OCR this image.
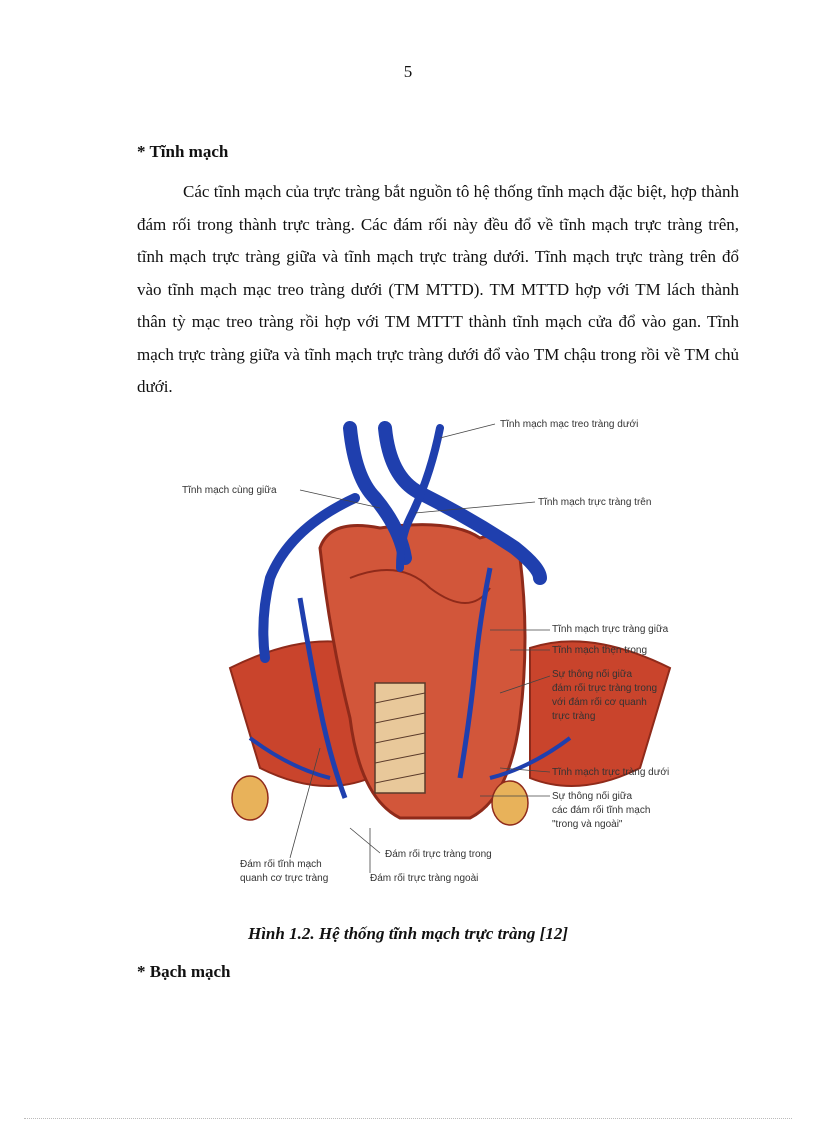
5
* Tĩnh mạch

Các tĩnh mạch của trực tràng bắt nguồn tô hệ thống tĩnh mạch đặc biệt, hợp thành đám rối trong thành trực tràng. Các đám rối này đều đổ về tĩnh mạch trực tràng trên, tĩnh mạch trực tràng giữa và tĩnh mạch trực tràng dưới. Tĩnh mạch trực tràng trên đổ vào tĩnh mạch mạc treo tràng dưới (TM MTTD). TM MTTD hợp với TM lách thành thân tỳ mạc treo tràng rồi hợp với TM MTTT thành tĩnh mạch cửa đổ vào gan. Tĩnh mạch trực tràng giữa và tĩnh mạch trực tràng dưới đổ vào TM chậu trong rồi về TM chủ dưới.

Tĩnh mạch mạc treo tràng dưới
Tĩnh mạch cùng giữa
Tĩnh mạch trực tràng trên
Tĩnh mạch trực tràng giữa
Tĩnh mạch thẹn trong
Sự thông nối giữa
đám rối trực tràng trong
với đám rối cơ quanh
trực tràng
Tĩnh mạch trực tràng dưới
Sự thông nối giữa
các đám rối tĩnh mạch
"trong và ngoài"
Đám rối tĩnh mạch
quanh cơ trực tràng
Đám rối trực tràng trong
Đám rối trực tràng ngoài
Hình 1.2. Hệ thống tĩnh mạch trực tràng [12]
* Bạch mạch
